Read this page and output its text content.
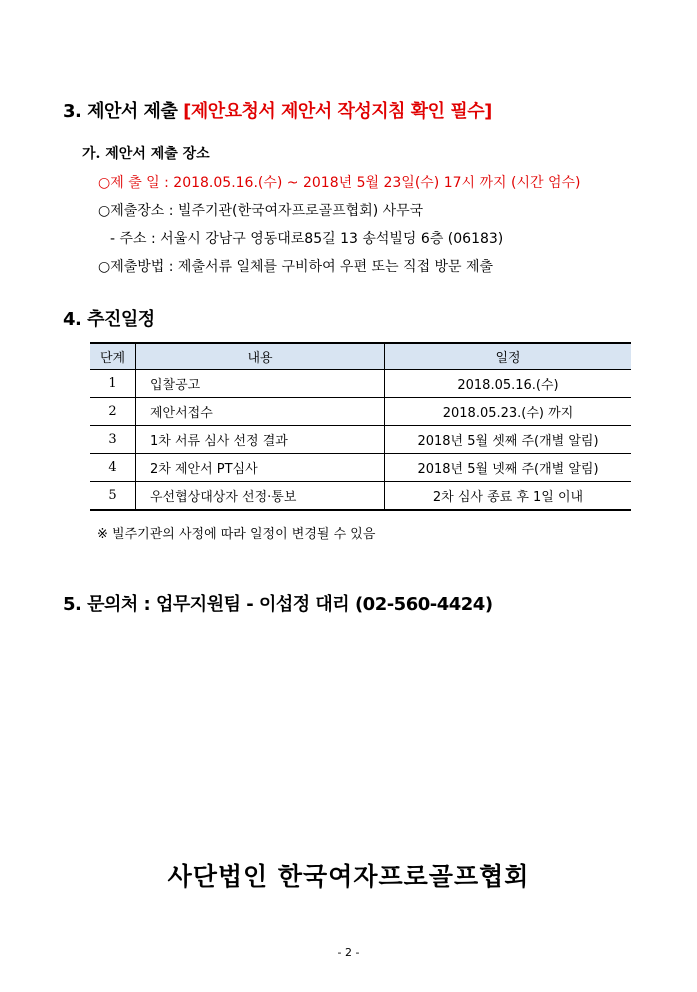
3. 제안서 제출 [제안요청서 제안서 작성지침 확인 필수]
가. 제안서 제출 장소
○제 출 일 : 2018.05.16.(수) ~ 2018년 5월 23일(수) 17시 까지 (시간 엄수)
○제출장소 : 빌주기관(한국여자프로골프협회) 사무국
- 주소 : 서울시 강남구 영동대로85길 13 송석빌딩 6층 (06183)
○제출방법 : 제출서류 일체를 구비하여 우편 또는 직접 방문 제출
4. 추진일정
단계	내용	일정
1	입찰공고	2018.05.16.(수)
2	제안서접수	2018.05.23.(수) 까지
3	1차 서류 심사 선정 결과	2018년 5월 셋째 주(개별 알림)
4	2차 제안서 PT심사	2018년 5월 넷째 주(개별 알림)
5	우선협상대상자 선정·통보	2차 심사 종료 후 1일 이내
※ 빌주기관의 사정에 따라 일정이 변경될 수 있음
5. 문의처 : 업무지원팀 - 이섭정 대리 (02-560-4424)
사단법인 한국여자프로골프협회
- 2 -
